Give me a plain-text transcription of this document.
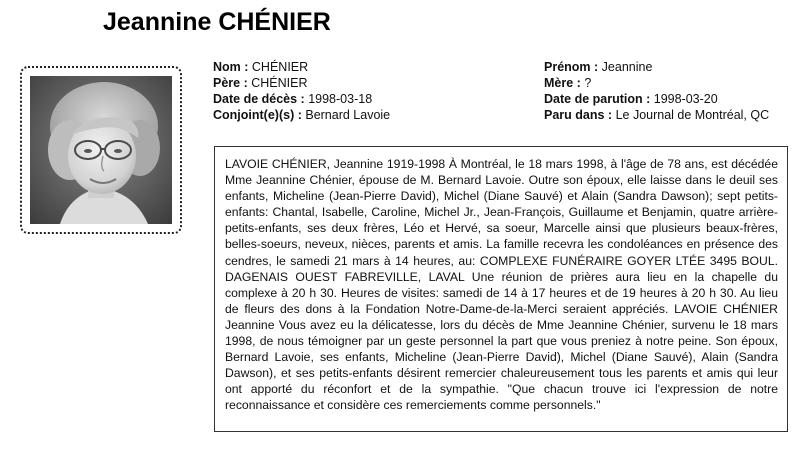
Jeannine CHÉNIER
Nom : CHÉNIER
Père : CHÉNIER
Date de décès : 1998-03-18
Conjoint(e)(s) : Bernard Lavoie
Prénom : Jeannine
Mère : ?
Date de parution : 1998-03-20
Paru dans : Le Journal de Montréal, QC
LAVOIE CHÉNIER, Jeannine 1919-1998 À Montréal, le 18 mars 1998, à l'âge de 78 ans, est décédée Mme Jeannine Chénier, épouse de M. Bernard Lavoie. Outre son époux, elle laisse dans le deuil ses enfants, Micheline (Jean-Pierre David), Michel (Diane Sauvé) et Alain (Sandra Dawson); sept petits-enfants: Chantal, Isabelle, Caroline, Michel Jr., Jean-François, Guillaume et Benjamin, quatre arrière-petits-enfants, ses deux frères, Léo et Hervé, sa soeur, Marcelle ainsi que plusieurs beaux-frères, belles-soeurs, neveux, nièces, parents et amis. La famille recevra les condoléances en présence des cendres, le samedi 21 mars à 14 heures, au: COMPLEXE FUNÉRAIRE GOYER LTÉE 3495 BOUL. DAGENAIS OUEST FABREVILLE, LAVAL Une réunion de prières aura lieu en la chapelle du complexe à 20 h 30. Heures de visites: samedi de 14 à 17 heures et de 19 heures à 20 h 30. Au lieu de fleurs des dons à la Fondation Notre-Dame-de-la-Merci seraient appréciés. LAVOIE CHÉNIER Jeannine Vous avez eu la délicatesse, lors du décès de Mme Jeannine Chénier, survenu le 18 mars 1998, de nous témoigner par un geste personnel la part que vous preniez à notre peine. Son époux, Bernard Lavoie, ses enfants, Micheline (Jean-Pierre David), Michel (Diane Sauvé), Alain (Sandra Dawson), et ses petits-enfants désirent remercier chaleureusement tous les parents et amis qui leur ont apporté du réconfort et de la sympathie. "Que chacun trouve ici l'expression de notre reconnaissance et considère ces remerciements comme personnels."
